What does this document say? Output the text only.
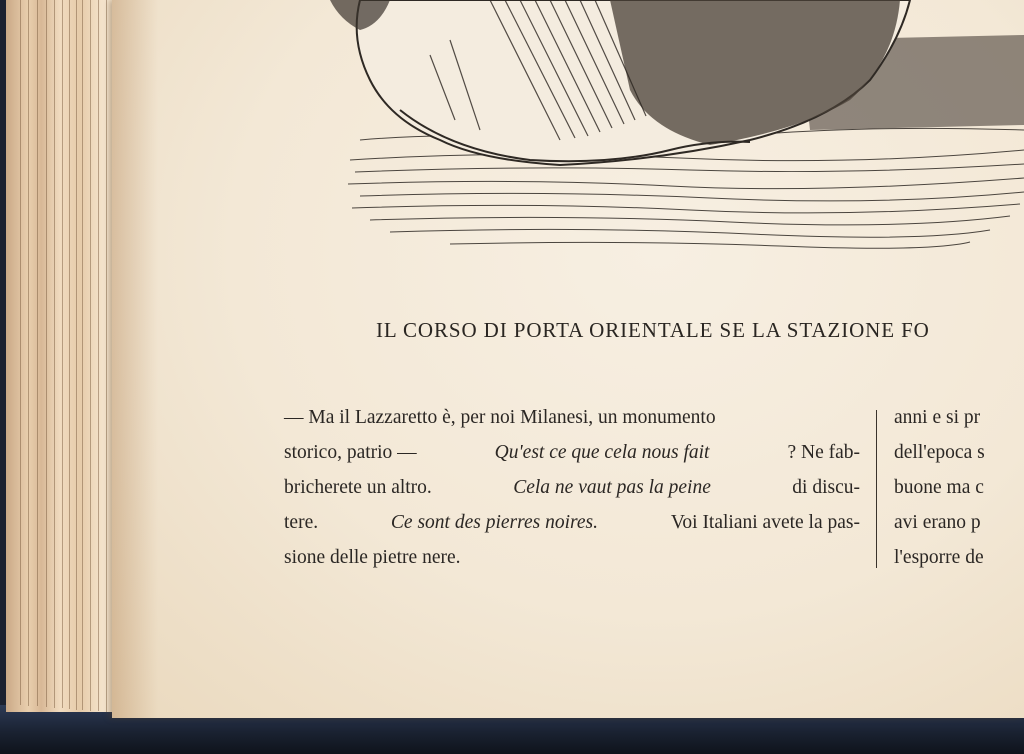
IL CORSO DI PORTA ORIENTALE SE LA STAZIONE FO
— Ma il Lazzaretto è, per noi Milanesi, un monumento
storico, patrio —	Qu'est ce que cela nous fait	? Ne fab-
bricherete un altro.	Cela ne vaut pas la peine	di discu-
tere.	Ce sont des pierres noires.	Voi Italiani avete la pas-
sione delle pietre nere.
anni e si pr
dell'epoca s
buone ma c
avi erano p
l'esporre de
